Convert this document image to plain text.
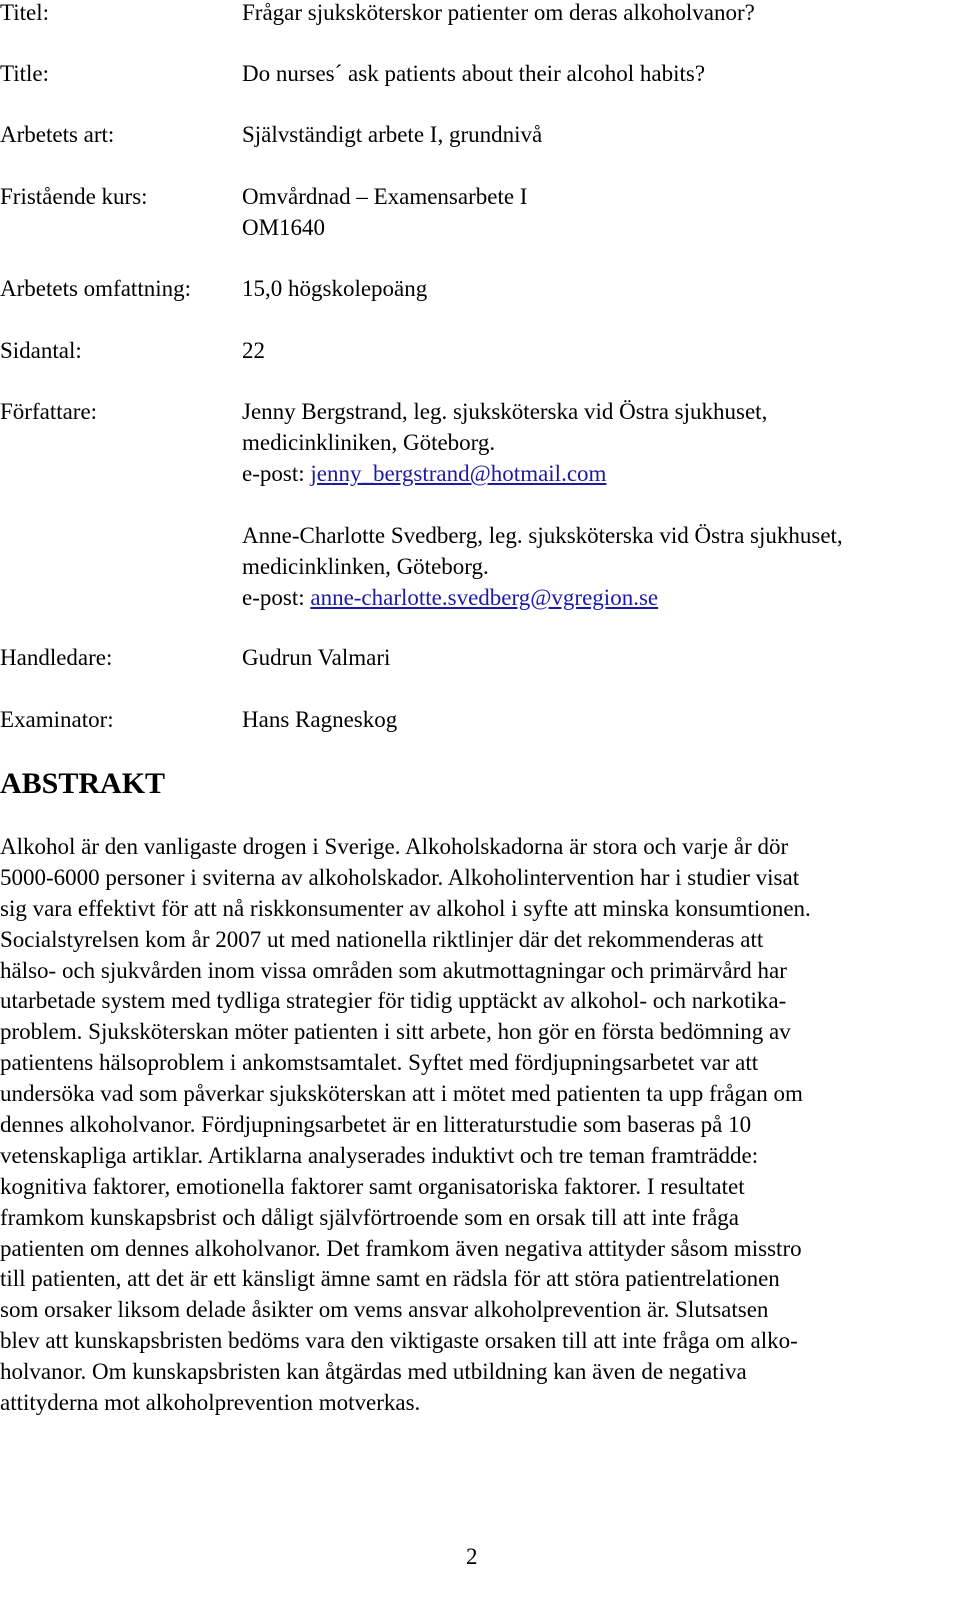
Titel:	Frågar sjuksköterskor patienter om deras alkoholvanor?
Title:	Do nurses´ ask patients about their alcohol habits?
Arbetets art:	Självständigt arbete I, grundnivå
Fristående kurs:	Omvårdnad – Examensarbete I
OM1640
Arbetets omfattning: 15,0 högskolepoäng
Sidantal:	22
Författare:	Jenny Bergstrand, leg. sjuksköterska vid Östra sjukhuset,
medicinkliniken, Göteborg.
e-post: jenny_bergstrand@hotmail.com
Anne-Charlotte Svedberg, leg. sjuksköterska vid Östra sjukhuset,
medicinklinken, Göteborg.
e-post: anne-charlotte.svedberg@vgregion.se
Handledare:	Gudrun Valmari
Examinator:	Hans Ragneskog
ABSTRAKT
Alkohol är den vanligaste drogen i Sverige. Alkoholskadorna är stora och varje år dör
5000-6000 personer i sviterna av alkoholskador. Alkoholintervention har i studier visat
sig vara effektivt för att nå riskkonsumenter av alkohol i syfte att minska konsumtionen.
Socialstyrelsen kom år 2007 ut med nationella riktlinjer där det rekommenderas att
hälso- och sjukvården inom vissa områden som akutmottagningar och primärvård har
utarbetade system med tydliga strategier för tidig upptäckt av alkohol- och narkotika-
problem. Sjuksköterskan möter patienten i sitt arbete, hon gör en första bedömning av
patientens hälsoproblem i ankomstsamtalet. Syftet med fördjupningsarbetet var att
undersöka vad som påverkar sjuksköterskan att i mötet med patienten ta upp frågan om
dennes alkoholvanor. Fördjupningsarbetet är en litteraturstudie som baseras på 10
vetenskapliga artiklar. Artiklarna analyserades induktivt och tre teman framträdde:
kognitiva faktorer, emotionella faktorer samt organisatoriska faktorer. I resultatet
framkom kunskapsbrist och dåligt självförtroende som en orsak till att inte fråga
patienten om dennes alkoholvanor. Det framkom även negativa attityder såsom misstro
till patienten, att det är ett känsligt ämne samt en rädsla för att störa patientrelationen
som orsaker liksom delade åsikter om vems ansvar alkoholprevention är. Slutsatsen
blev att kunskapsbristen bedöms vara den viktigaste orsaken till att inte fråga om alko-
holvanor. Om kunskapsbristen kan åtgärdas med utbildning kan även de negativa
attityderna mot alkoholprevention motverkas.
2
